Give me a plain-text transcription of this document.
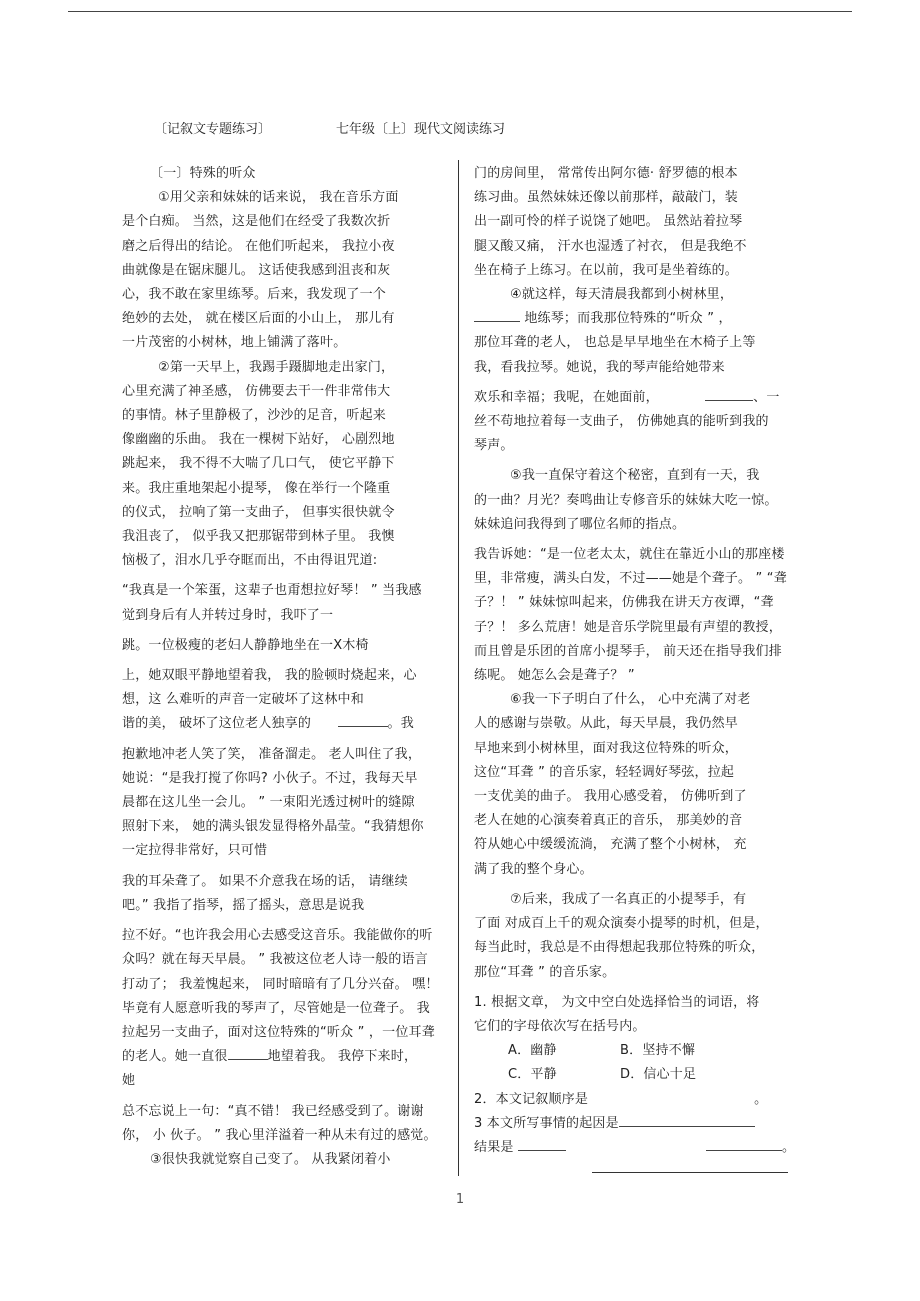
〔记叙文专题练习〕	七年级〔上〕现代文阅读练习

〔一〕特殊的听众

①用父亲和妹妹的话来说， 我在音乐方面

是个白痴。 当然，这是他们在经受了我数次折

磨之后得出的结论。 在他们听起来， 我拉小夜

曲就像是在锯床腿儿。 这话使我感到沮丧和灰

心，我不敢在家里练琴。后来，我发现了一个

绝妙的去处， 就在楼区后面的小山上， 那儿有

一片茂密的小树林，地上铺满了落叶。

②第一天早上，我踢手蹑脚地走出家门，

心里充满了神圣感， 仿佛要去干一件非常伟大

的事情。林子里静极了，沙沙的足音，听起来

像幽幽的乐曲。 我在一棵树下站好， 心剧烈地

跳起来， 我不得不大喘了几口气， 使它平静下

来。我庄重地架起小提琴， 像在举行一个隆重

的仪式， 拉响了第一支曲子， 但事实很快就令

我沮丧了， 似乎我又把那锯带到林子里。 我懊

恼极了，泪水几乎夺眶而出，不由得诅咒道:

“我真是一个笨蛋，这辈子也甭想拉好琴！ ” 当我感

觉到身后有人并转过身时，我吓了一

跳。一位极瘦的老妇人静静地坐在一Ⅹ木椅

上，她双眼平静地望着我， 我的脸顿时烧起来，心

想，这 么难听的声音一定破坏了这林中和

谐的美， 破坏了这位老人独享的　　	。我

抱歉地冲老人笑了笑， 准备溜走。 老人叫住了我，

她说：“是我打搅了你吗? 小伙子。不过，我每天早

晨都在这儿坐一会儿。 ” 一束阳光透过树叶的缝隙

照射下来， 她的满头银发显得格外晶莹。“我猜想你

一定拉得非常好，只可惜

我的耳朵聋了。 如果不介意我在场的话， 请继续

吧。” 我指了指琴，摇了摇头，意思是说我

拉不好。“也许我会用心去感受这音乐。我能做你的听

众吗？就在每天早晨。 ” 我被这位老人诗一般的语言

打动了； 我羞愧起来， 同时暗暗有了几分兴奋。 嘿！

毕竟有人愿意听我的琴声了，尽管她是一位聋子。 我

拉起另一支曲子，面对这位特殊的“听众 ” ，一位耳聋

的老人。她一直很	地望着我。 我停下来时，

她

总不忘说上一句：“真不错！ 我已经感受到了。谢谢

你， 小 伙子。 ” 我心里洋溢着一种从未有过的感觉。

③很快我就觉察自己变了。 从我紧闭着小

门的房间里， 常常传出阿尔德· 舒罗德的根本

练习曲。虽然妹妹还像以前那样，敲敲门，装

出一副可怜的样子说饶了她吧。 虽然站着拉琴

腿又酸又痛， 汗水也湿透了衬衣， 但是我绝不

坐在椅子上练习。在以前，我可是坐着练的。

④就这样，每天清晨我都到小树林里，

地练琴；而我那位特殊的“听众 ” ，

那位耳聋的老人， 也总是早早地坐在木椅子上等

我，看我拉琴。她说，我的琴声能给她带来

欢乐和幸福；我呢，在她面前，　　　　	、一

丝不苟地拉着每一支曲子， 仿佛她真的能听到我的

琴声。

⑤我一直保守着这个秘密，直到有一天，我

的一曲？月光？奏鸣曲让专修音乐的妹妹大吃一惊。

妹妹追问我得到了哪位名师的指点。

我告诉她：“是一位老太太，就住在靠近小山的那座楼

里，非常瘦，满头白发，不过——她是个聋子。 ” “聋

子？！ ” 妹妹惊叫起来，仿佛我在讲天方夜谭，“聋

子？！ 多么荒唐！她是音乐学院里最有声望的教授，

而且曾是乐团的首席小提琴手， 前天还在指导我们排

练呢。 她怎么会是聋子？ ”

⑥我一下子明白了什么， 心中充满了对老

人的感谢与崇敬。从此，每天早晨，我仍然早

早地来到小树林里，面对我这位特殊的听众，

这位“耳聋 ” 的音乐家，轻轻调好琴弦，拉起

一支优美的曲子。 我用心感受着， 仿佛听到了

老人在她的心演奏着真正的音乐， 那美妙的音

符从她心中缓缓流淌， 充满了整个小树林， 充

满了我的整个身心。

⑦后来，我成了一名真正的小提琴手，有

了面 对成百上千的观众演奏小提琴的时机，但是，

每当此时，我总是不由得想起我那位特殊的听众，

那位“耳聋 ” 的音乐家。

1. 根据文章， 为文中空白处选择恰当的词语，将

它们的字母依次写在括号内。

A．幽静	B．坚持不懈

C．平静	D．信心十足

2．本文记叙顺序是	。

3 本文所写事情的起因是

结果是	。

1
